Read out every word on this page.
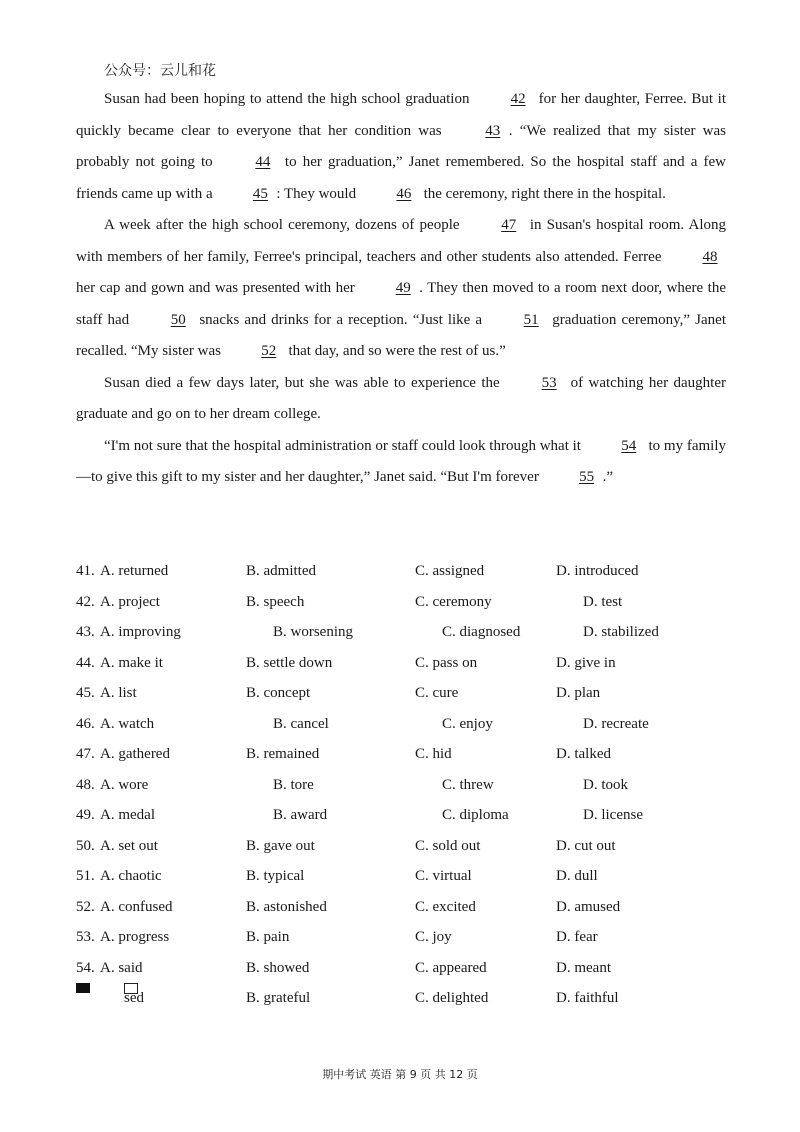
公众号：云儿和花

Susan had been hoping to attend the high school graduation 42 for her daughter, Ferree. But it quickly became clear to everyone that her condition was 43 . “We realized that my sister was probably not going to 44 to her graduation,” Janet remembered. So the hospital staff and a few friends came up with a 45 : They would 46 the ceremony, right there in the hospital.

A week after the high school ceremony, dozens of people 47 in Susan's hospital room. Along with members of her family, Ferree's principal, teachers and other students also attended. Ferree 48 her cap and gown and was presented with her 49 . They then moved to a room next door, where the staff had 50 snacks and drinks for a reception. “Just like a 51 graduation ceremony,” Janet recalled. “My sister was 52 that day, and so were the rest of us.”

Susan died a few days later, but she was able to experience the 53 of watching her daughter graduate and go on to her dream college.

“I'm not sure that the hospital administration or staff could look through what it 54 to my family—to give this gift to my sister and her daughter,” Janet said. “But I'm forever 55 .”

41. A. returned	B. admitted	C. assigned	D. introduced
42. A. project	B. speech	C. ceremony	D. test
43. A. improving	B. worsening	C. diagnosed	D. stabilized
44. A. make it	B. settle down	C. pass on	D. give in
45. A. list	B. concept	C. cure	D. plan
46. A. watch	B. cancel	C. enjoy	D. recreate
47. A. gathered	B. remained	C. hid	D. talked
48. A. wore	B. tore	C. threw	D. took
49. A. medal	B. award	C. diploma	D. license
50. A. set out	B. gave out	C. sold out	D. cut out
51. A. chaotic	B. typical	C. virtual	D. dull
52. A. confused	B. astonished	C. excited	D. amused
53. A. progress	B. pain	C. joy	D. fear
54. A. said	B. showed	C. appeared	D. meant
sed	B. grateful	C. delighted	D. faithful
期中考试 英语 第 9 页 共 12 页
